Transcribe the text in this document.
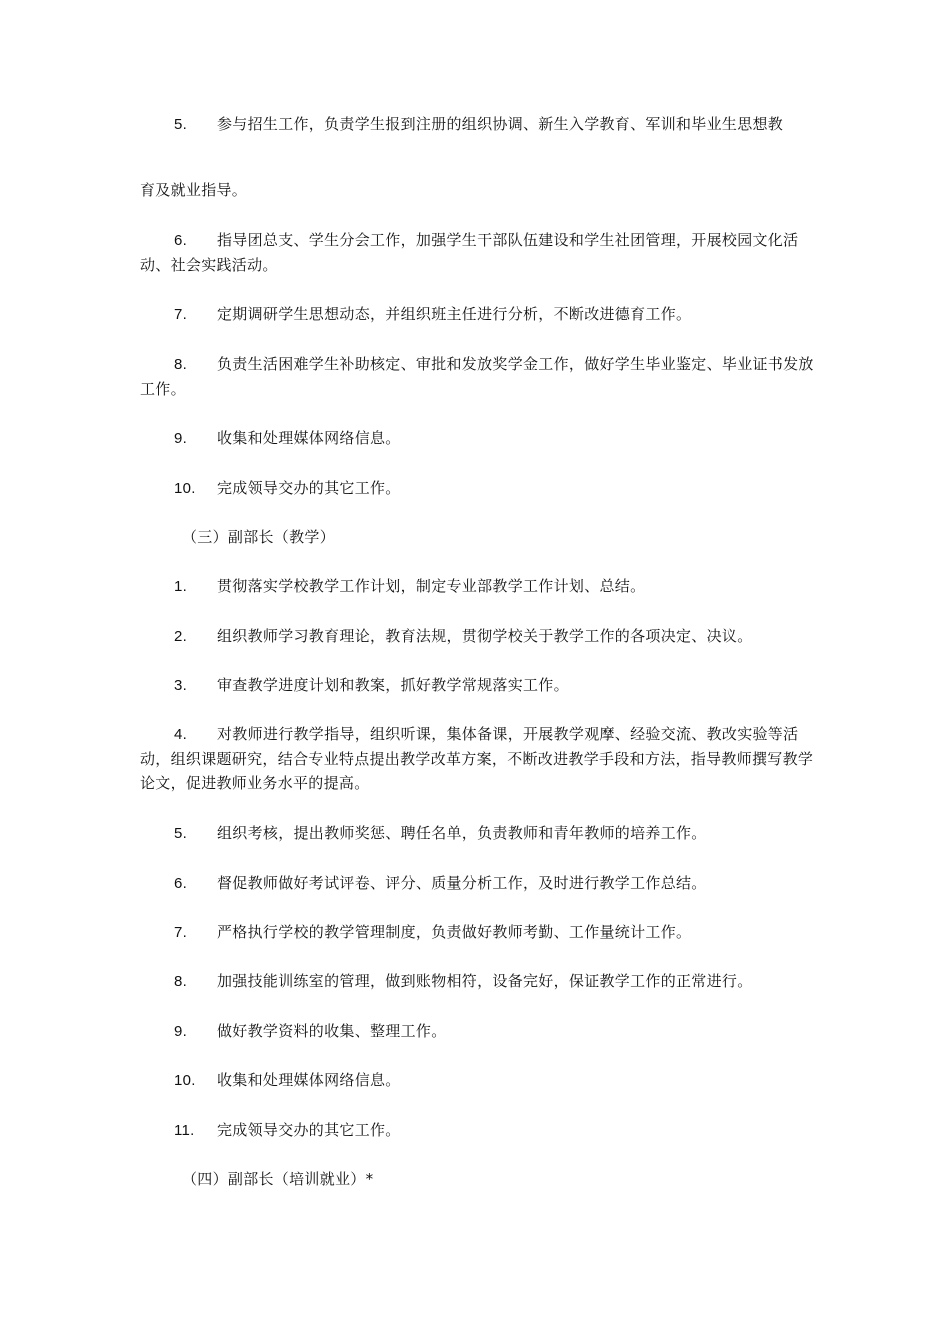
5. 参与招生工作，负责学生报到注册的组织协调、新生入学教育、军训和毕业生思想教
育及就业指导。
6. 指导团总支、学生分会工作，加强学生干部队伍建设和学生社团管理，开展校园文化活动、社会实践活动。
7. 定期调研学生思想动态，并组织班主任进行分析，不断改进德育工作。
8. 负责生活困难学生补助核定、审批和发放奖学金工作，做好学生毕业鉴定、毕业证书发放工作。
9. 收集和处理媒体网络信息。
10. 完成领导交办的其它工作。
（三）副部长（教学）
1. 贯彻落实学校教学工作计划，制定专业部教学工作计划、总结。
2. 组织教师学习教育理论，教育法规，贯彻学校关于教学工作的各项决定、决议。
3. 审查教学进度计划和教案，抓好教学常规落实工作。
4. 对教师进行教学指导，组织听课，集体备课，开展教学观摩、经验交流、教改实验等活动，组织课题研究，结合专业特点提出教学改革方案，不断改进教学手段和方法，指导教师撰写教学论文，促进教师业务水平的提高。
5. 组织考核，提出教师奖惩、聘任名单，负责教师和青年教师的培养工作。
6. 督促教师做好考试评卷、评分、质量分析工作，及时进行教学工作总结。
7. 严格执行学校的教学管理制度，负责做好教师考勤、工作量统计工作。
8. 加强技能训练室的管理，做到账物相符，设备完好，保证教学工作的正常进行。
9. 做好教学资料的收集、整理工作。
10. 收集和处理媒体网络信息。
11. 完成领导交办的其它工作。
（四）副部长（培训就业）*
